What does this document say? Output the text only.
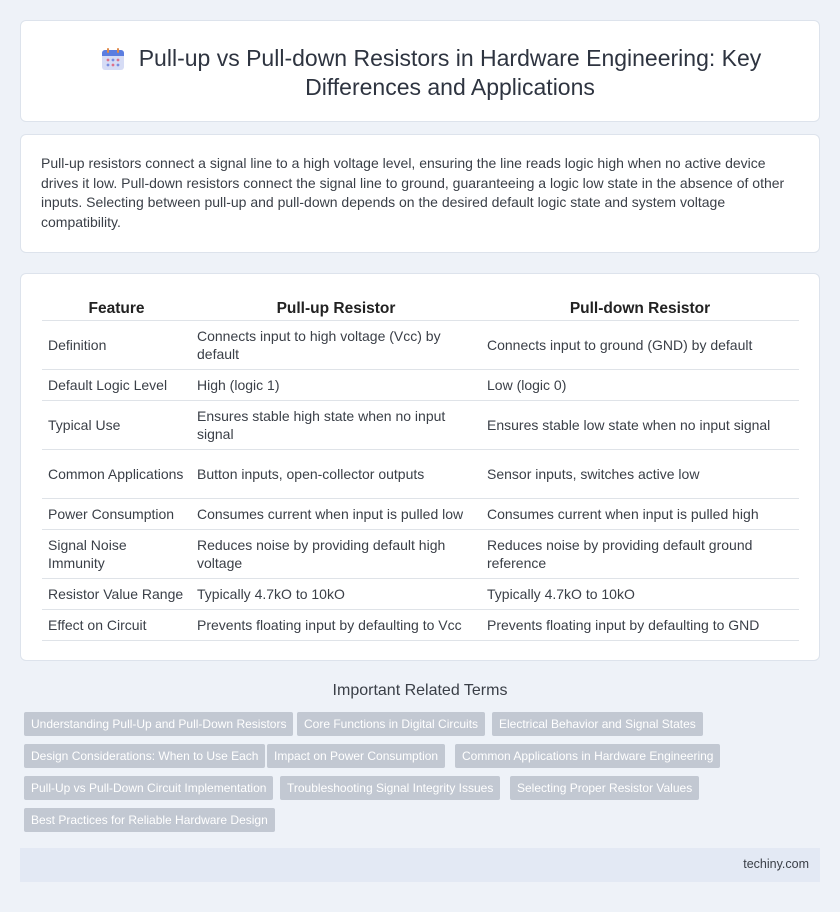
Pull-up vs Pull-down Resistors in Hardware Engineering: Key Differences and Applications

Pull-up resistors connect a signal line to a high voltage level, ensuring the line reads logic high when no active device drives it low. Pull-down resistors connect the signal line to ground, guaranteeing a logic low state in the absence of other inputs. Selecting between pull-up and pull-down depends on the desired default logic state and system voltage compatibility.

Feature	Pull-up Resistor	Pull-down Resistor
Definition	Connects input to high voltage (Vcc) by default	Connects input to ground (GND) by default
Default Logic Level	High (logic 1)	Low (logic 0)
Typical Use	Ensures stable high state when no input signal	Ensures stable low state when no input signal
Common Applications	Button inputs, open-collector outputs	Sensor inputs, switches active low
Power Consumption	Consumes current when input is pulled low	Consumes current when input is pulled high
Signal Noise Immunity	Reduces noise by providing default high voltage	Reduces noise by providing default ground reference
Resistor Value Range	Typically 4.7kO to 10kO	Typically 4.7kO to 10kO
Effect on Circuit	Prevents floating input by defaulting to Vcc	Prevents floating input by defaulting to GND
Important Related Terms
Understanding Pull-Up and Pull-Down Resistors	Core Functions in Digital Circuits	Electrical Behavior and Signal States
Design Considerations: When to Use Each	Impact on Power Consumption	Common Applications in Hardware Engineering
Pull-Up vs Pull-Down Circuit Implementation	Troubleshooting Signal Integrity Issues	Selecting Proper Resistor Values
Best Practices for Reliable Hardware Design
techiny.com
